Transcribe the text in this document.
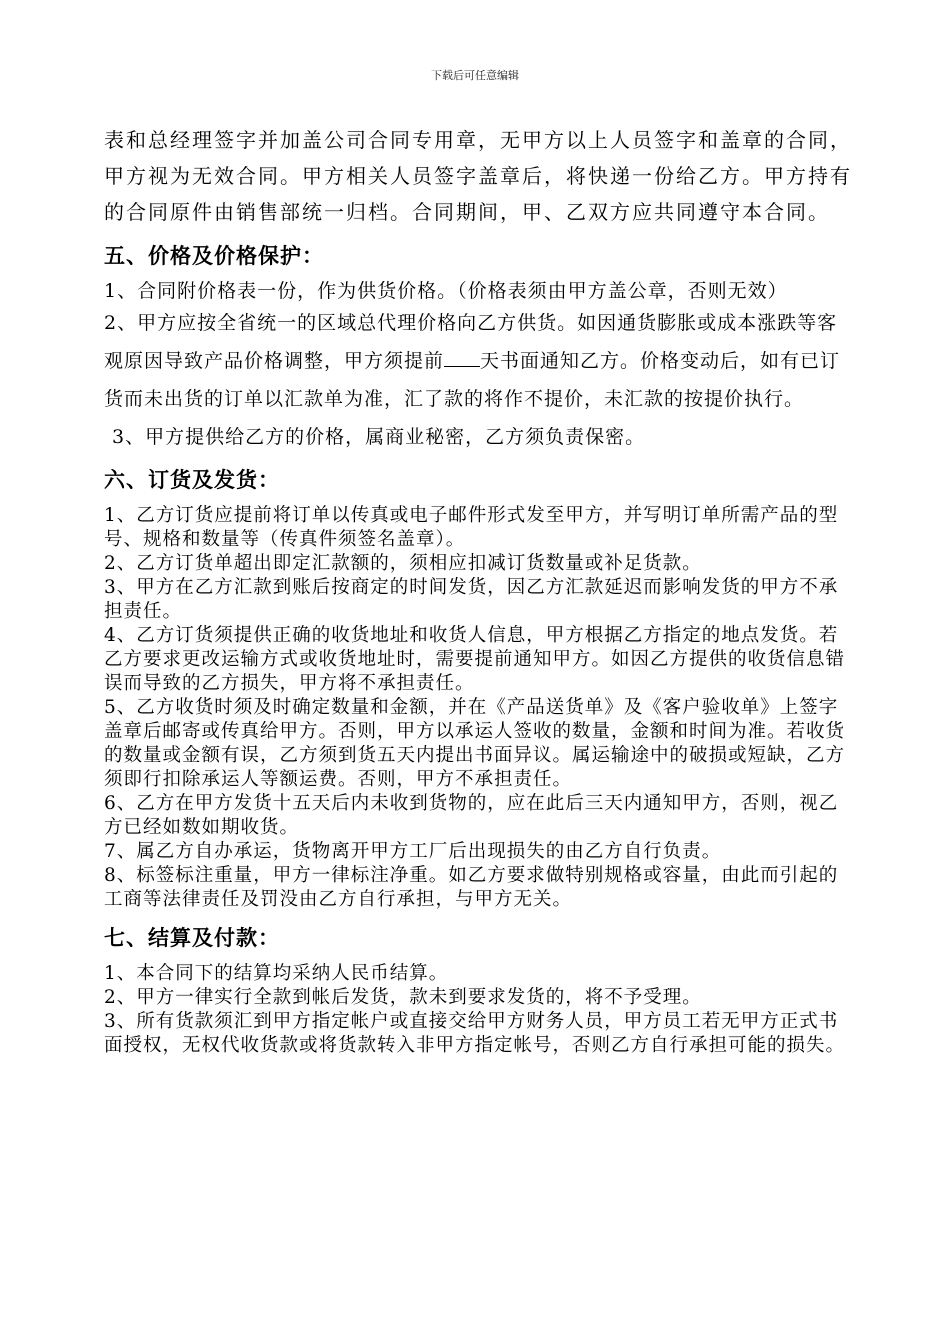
下载后可任意编辑

表和总经理签字并加盖公司合同专用章，无甲方以上人员签字和盖章的合同，甲方视为无效合同。甲方相关人员签字盖章后，将快递一份给乙方。甲方持有的合同原件由销售部统一归档。合同期间，甲、乙双方应共同遵守本合同。

五、价格及价格保护：

1、合同附价格表一份，作为供货价格。（价格表须由甲方盖公章，否则无效）

2、甲方应按全省统一的区域总代理价格向乙方供货。如因通货膨胀或成本涨跌等客观原因导致产品价格调整，甲方须提前 天书面通知乙方。价格变动后，如有已订货而未出货的订单以汇款单为准，汇了款的将作不提价，未汇款的按提价执行。

3、甲方提供给乙方的价格，属商业秘密，乙方须负责保密。

六、订货及发货：

1、乙方订货应提前将订单以传真或电子邮件形式发至甲方，并写明订单所需产品的型号、规格和数量等（传真件须签名盖章）。

2、乙方订货单超出即定汇款额的，须相应扣减订货数量或补足货款。

3、甲方在乙方汇款到账后按商定的时间发货，因乙方汇款延迟而影响发货的甲方不承担责任。

4、乙方订货须提供正确的收货地址和收货人信息，甲方根据乙方指定的地点发货。若乙方要求更改运输方式或收货地址时，需要提前通知甲方。如因乙方提供的收货信息错误而导致的乙方损失，甲方将不承担责任。

5、乙方收货时须及时确定数量和金额，并在《产品送货单》及《客户验收单》上签字盖章后邮寄或传真给甲方。否则，甲方以承运人签收的数量，金额和时间为准。若收货的数量或金额有误，乙方须到货五天内提出书面异议。属运输途中的破损或短缺，乙方须即行扣除承运人等额运费。否则，甲方不承担责任。

6、乙方在甲方发货十五天后内未收到货物的，应在此后三天内通知甲方，否则，视乙方已经如数如期收货。

7、属乙方自办承运，货物离开甲方工厂后出现损失的由乙方自行负责。

8、标签标注重量，甲方一律标注净重。如乙方要求做特别规格或容量，由此而引起的工商等法律责任及罚没由乙方自行承担，与甲方无关。

七、结算及付款：

1、本合同下的结算均采纳人民币结算。

2、甲方一律实行全款到帐后发货，款未到要求发货的，将不予受理。

3、所有货款须汇到甲方指定帐户或直接交给甲方财务人员，甲方员工若无甲方正式书面授权，无权代收货款或将货款转入非甲方指定帐号，否则乙方自行承担可能的损失。
